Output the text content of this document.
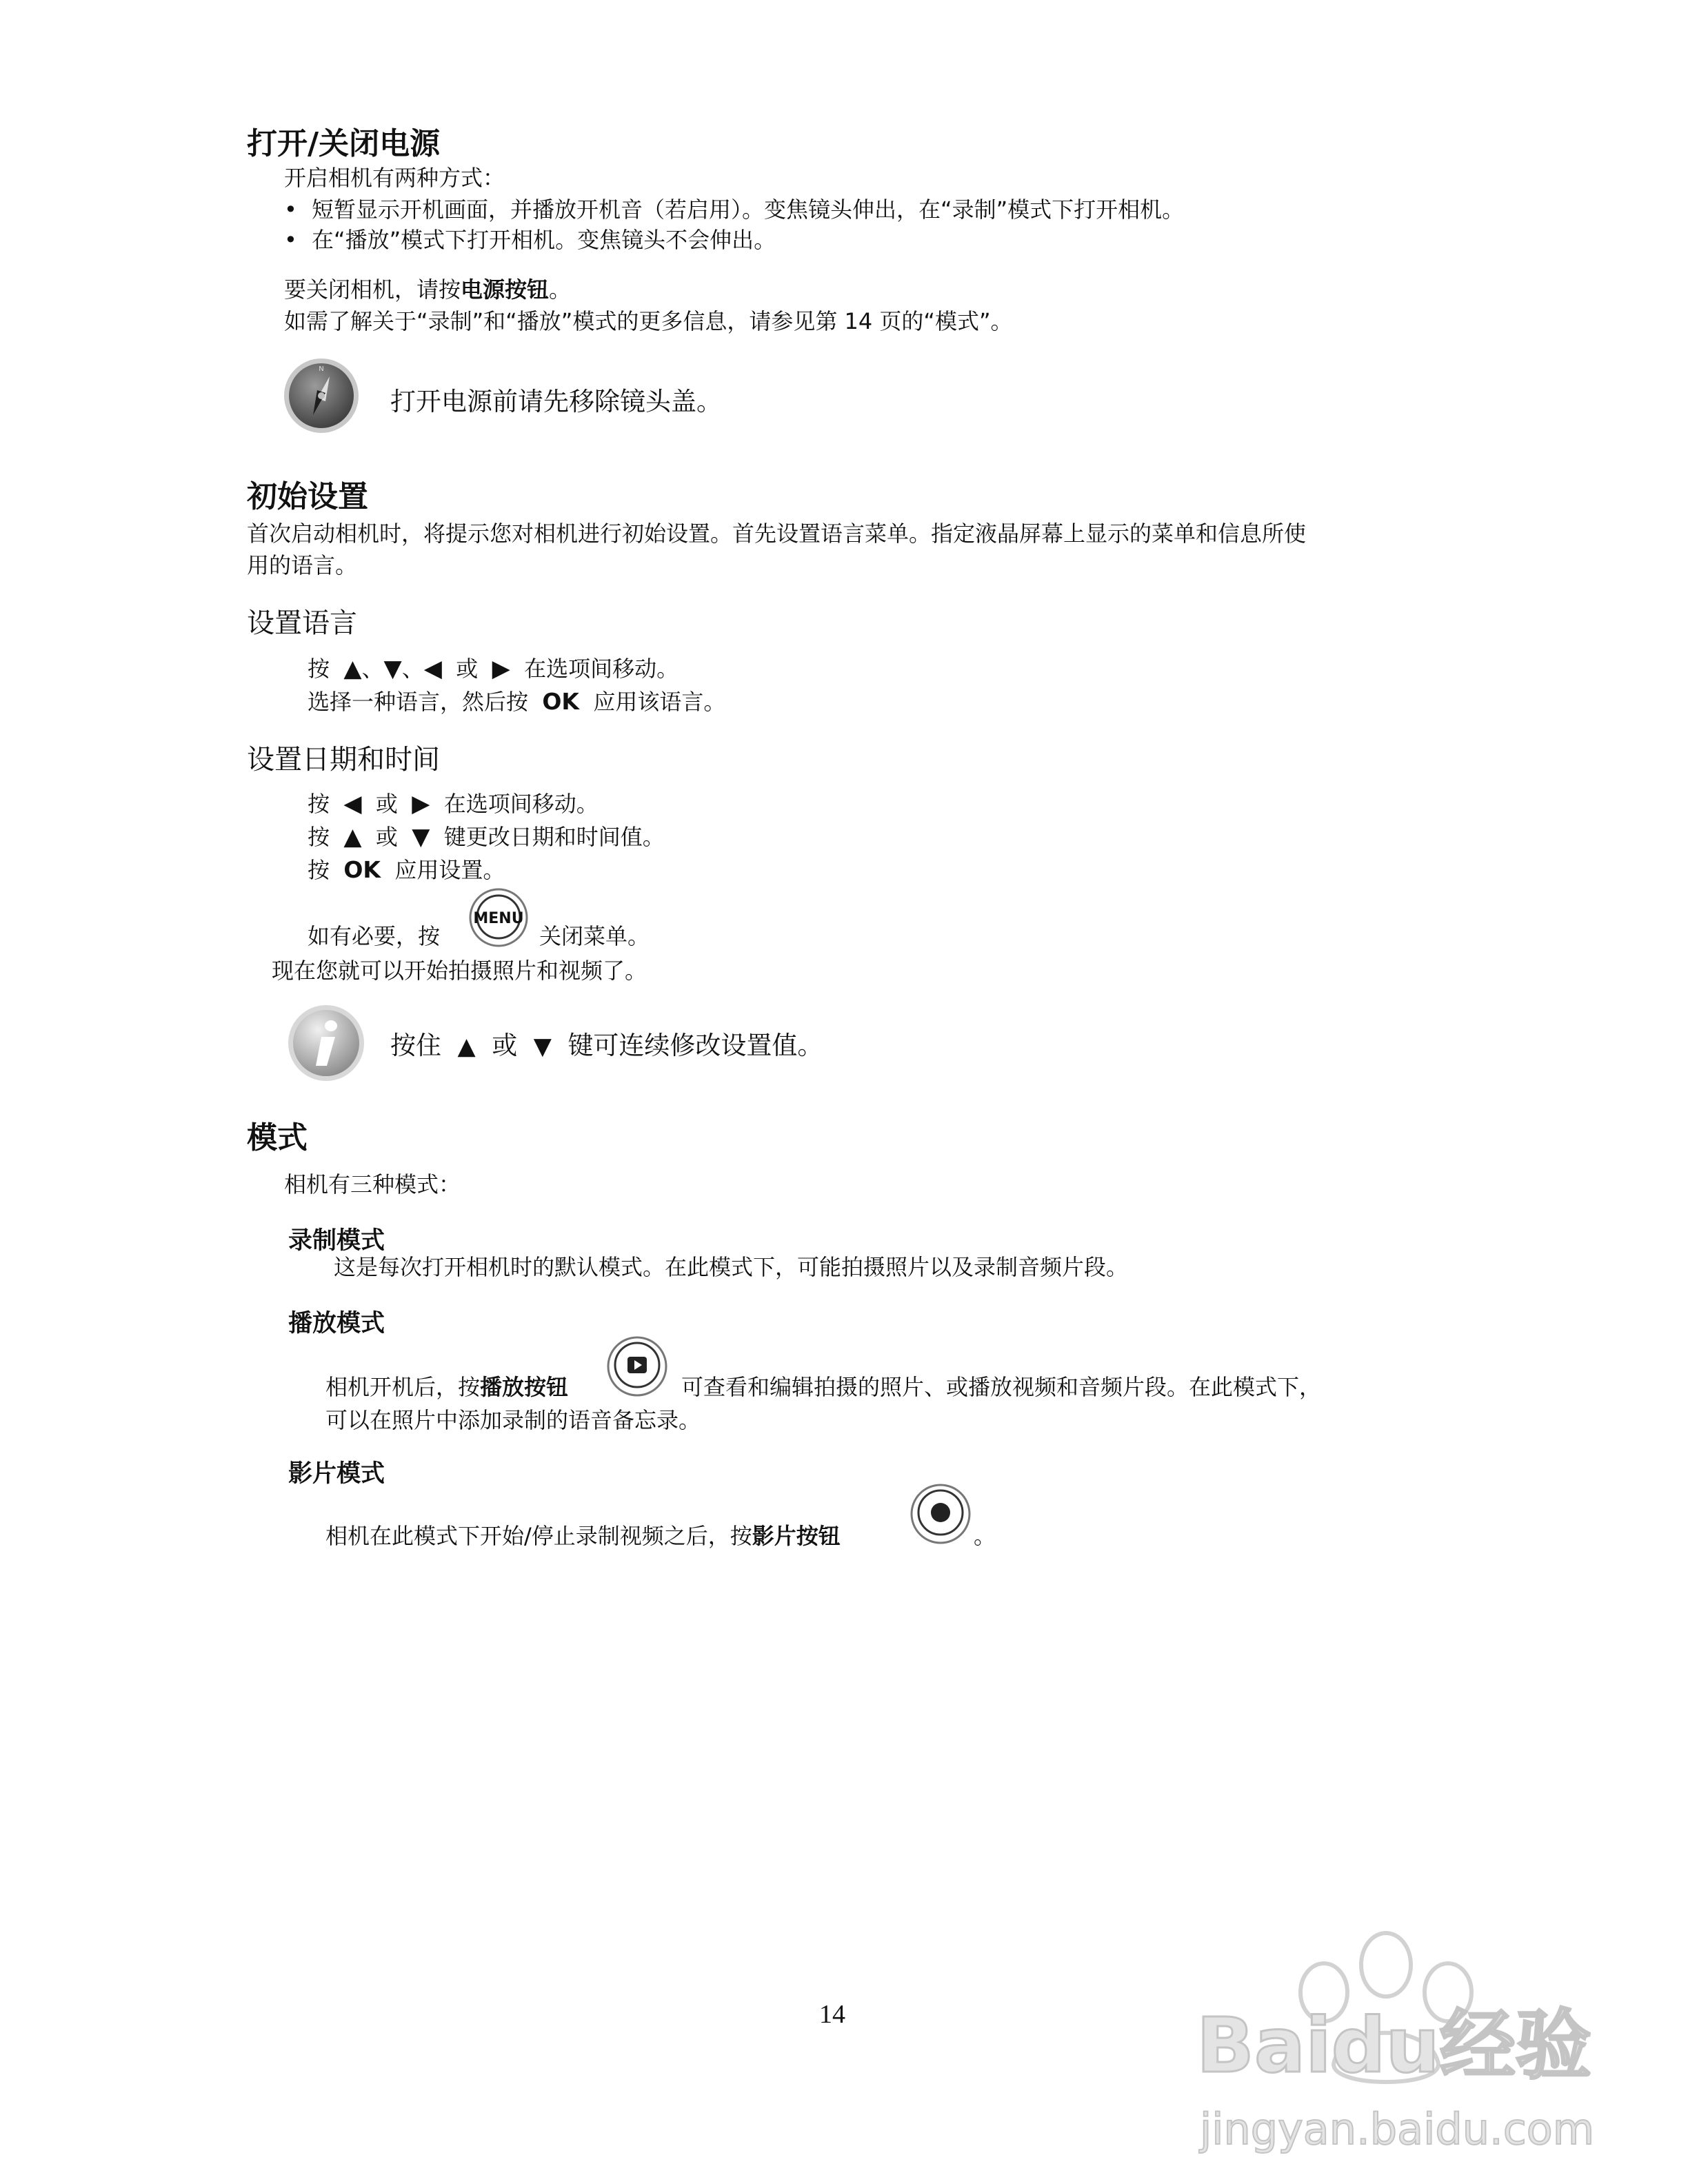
打开/关闭电源
开启相机有两种方式：
• 短暂显示开机画面，并播放开机音（若启用）。变焦镜头伸出，在“录制”模式下打开相机。
• 在“播放”模式下打开相机。变焦镜头不会伸出。
要关闭相机，请按电源按钮。
如需了解关于“录制”和“播放”模式的更多信息，请参见第 14 页的“模式”。
N
打开电源前请先移除镜头盖。
初始设置
首次启动相机时，将提示您对相机进行初始设置。首先设置语言菜单。指定液晶屏幕上显示的菜单和信息所使
用的语言。
设置语言
按 ▲、▼、◀ 或 ▶ 在选项间移动。
选择一种语言，然后按 OK 应用该语言。
设置日期和时间
按 ◀ 或 ▶ 在选项间移动。
按 ▲ 或 ▼ 键更改日期和时间值。
按 OK 应用设置。
如有必要，按
MENU
关闭菜单。
现在您就可以开始拍摄照片和视频了。
按住 ▲ 或 ▼ 键可连续修改设置值。
模式
相机有三种模式：
录制模式
这是每次打开相机时的默认模式。在此模式下，可能拍摄照片以及录制音频片段。
播放模式
相机开机后，按播放按钮	可查看和编辑拍摄的照片、或播放视频和音频片段。在此模式下，
可以在照片中添加录制的语音备忘录。
影片模式
相机在此模式下开始/停止录制视频之后，按影片按钮	。
14	Baidu经验
jingyan.baidu.com
